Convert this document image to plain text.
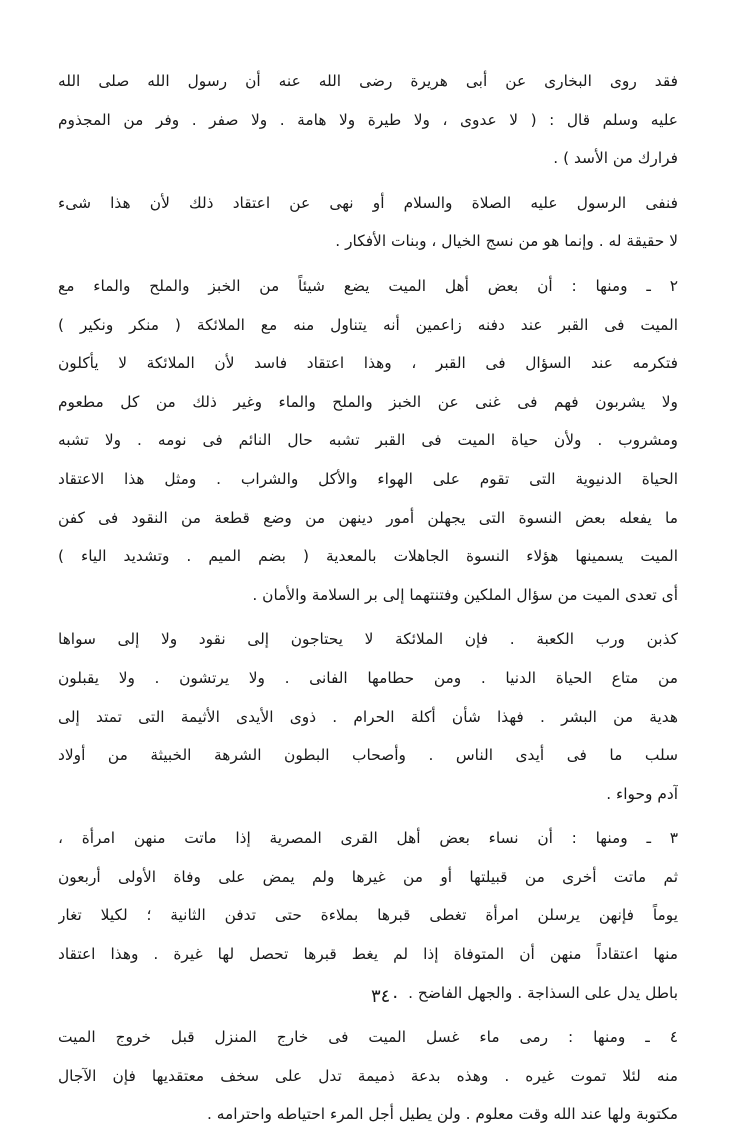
فقد روى البخارى عن أبى هريرة رضى الله عنه أن رسول الله صلى الله
عليه وسلم قال : ( لا عدوى ، ولا طيرة ولا هامة . ولا صفر . وفر من المجذوم
فرارك من الأسد ) .
فنفى الرسول عليه الصلاة والسلام أو نهى عن اعتقاد ذلك لأن هذا شىء
لا حقيقة له . وإنما هو من نسج الخيال ، وبنات الأفكار .
٢ ـ ومنها : أن بعض أهل الميت يضع شيئاً من الخبز والملح والماء مع
الميت فى القبر عند دفنه زاعمين أنه يتناول منه مع الملائكة ( منكر ونكير )
فتكرمه عند السؤال فى القبر ، وهذا اعتقاد فاسد لأن الملائكة لا يأكلون
ولا يشربون فهم فى غنى عن الخبز والملح والماء وغير ذلك من كل مطعوم
ومشروب . ولأن حياة الميت فى القبر تشبه حال النائم فى نومه . ولا تشبه
الحياة الدنيوية التى تقوم على الهواء والأكل والشراب . ومثل هذا الاعتقاد
ما يفعله بعض النسوة التى يجهلن أمور دينهن من وضع قطعة من النقود فى كفن
الميت يسمينها هؤلاء النسوة الجاهلات بالمعدية ( بضم الميم . وتشديد الياء )
أى تعدى الميت من سؤال الملكين وفتنتهما إلى بر السلامة والأمان .
كذبن ورب الكعبة . فإن الملائكة لا يحتاجون إلى نقود ولا إلى سواها
من متاع الحياة الدنيا . ومن حطامها الفانى . ولا يرتشون . ولا يقبلون
هدية من البشر . فهذا شأن أكلة الحرام . ذوى الأيدى الأثيمة التى تمتد إلى
سلب ما فى أيدى الناس . وأصحاب البطون الشرهة الخبيثة من أولاد
آدم وحواء .
٣ ـ ومنها : أن نساء بعض أهل القرى المصرية إذا ماتت منهن امرأة ،
ثم ماتت أخرى من قبيلتها أو من غيرها ولم يمض على وفاة الأولى أربعون
يوماً فإنهن يرسلن امرأة تغطى قبرها بملاءة حتى تدفن الثانية ؛ لكيلا تغار
منها اعتقاداً منهن أن المتوفاة إذا لم يغط قبرها تحصل لها غيرة . وهذا اعتقاد
باطل يدل على السذاجة . والجهل الفاضح .
٤ ـ ومنها : رمى ماء غسل الميت فى خارج المنزل قبل خروج الميت
منه لئلا تموت غيره . وهذه بدعة ذميمة تدل على سخف معتقديها فإن الآجال
مكتوبة ولها عند الله وقت معلوم . ولن يطيل أجل المرء احتياطه واحترامه .
٣٤٠
